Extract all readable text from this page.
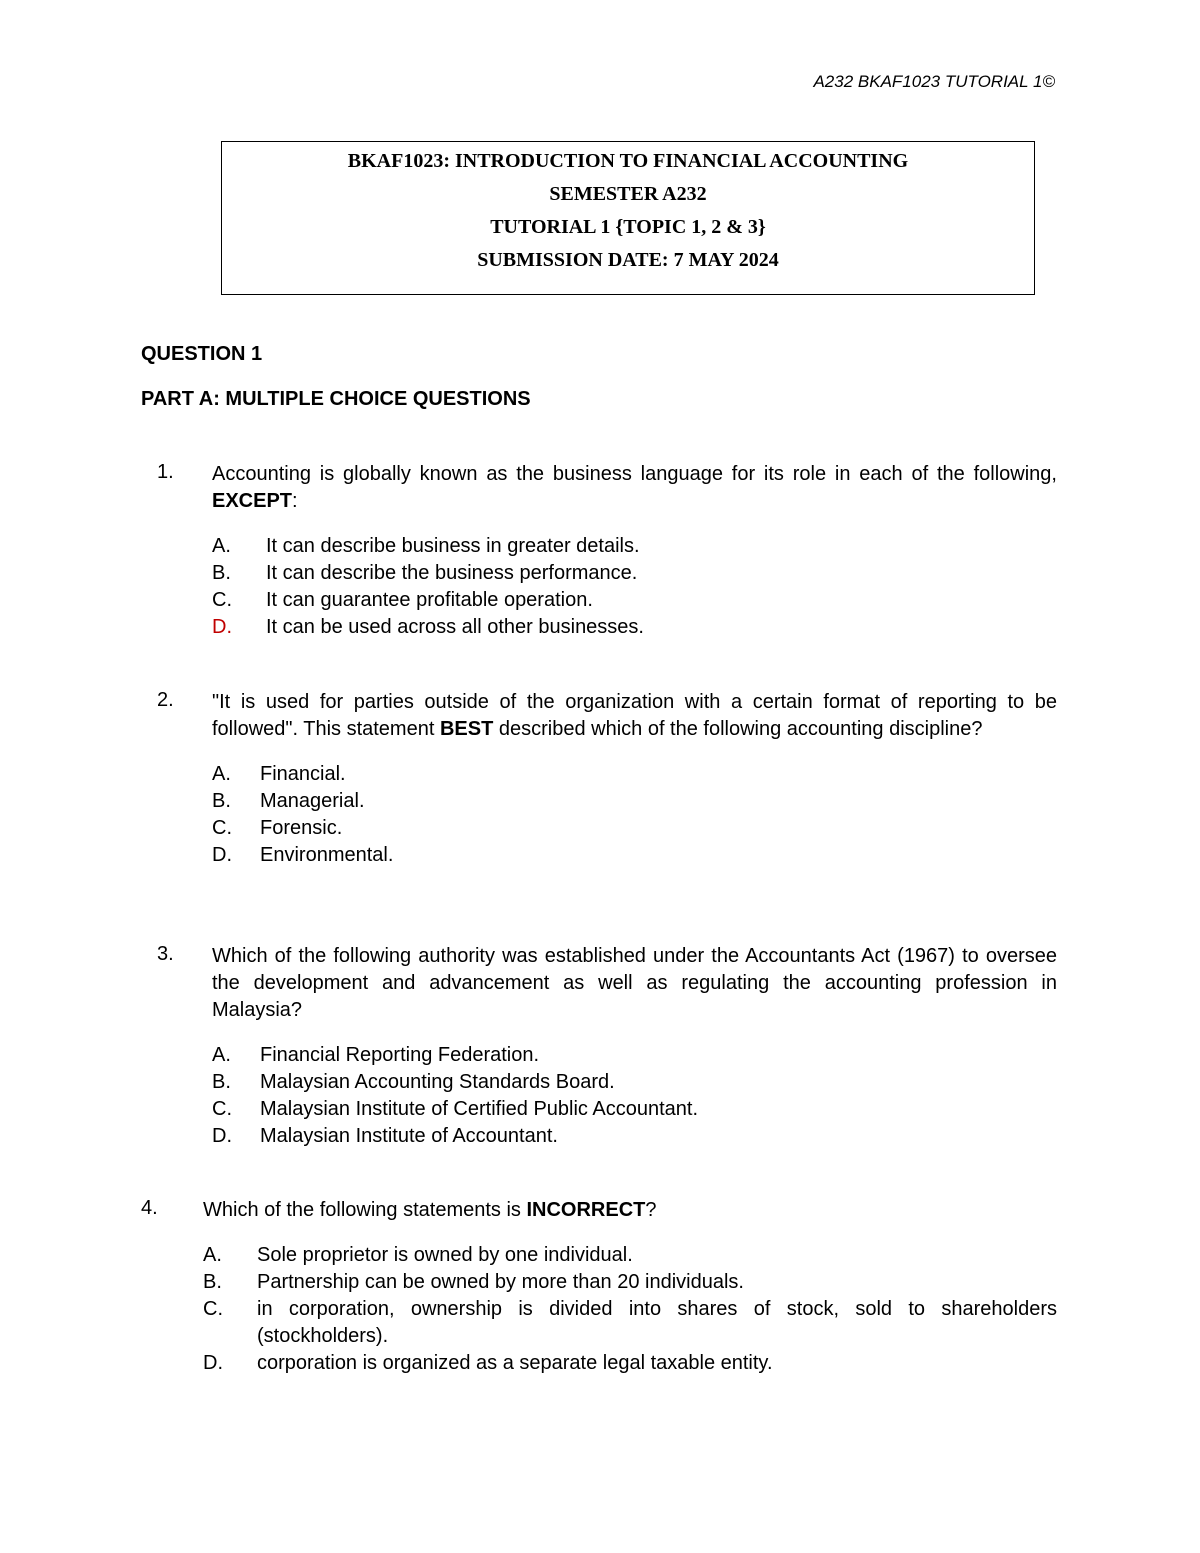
A232 BKAF1023 TUTORIAL 1©
BKAF1023: INTRODUCTION TO FINANCIAL ACCOUNTING
SEMESTER A232
TUTORIAL 1 {TOPIC 1, 2 & 3}
SUBMISSION DATE: 7 MAY 2024
QUESTION 1
PART A: MULTIPLE CHOICE QUESTIONS
1.	Accounting is globally known as the business language for its role in each of the following, EXCEPT:
A.	It can describe business in greater details.
B.	It can describe the business performance.
C.	It can guarantee profitable operation.
D.	It can be used across all other businesses.
2.	"It is used for parties outside of the organization with a certain format of reporting to be followed". This statement BEST described which of the following accounting discipline?
A.	Financial.
B.	Managerial.
C.	Forensic.
D.	Environmental.
3.	Which of the following authority was established under the Accountants Act (1967) to oversee the development and advancement as well as regulating the accounting profession in Malaysia?
A.	Financial Reporting Federation.
B.	Malaysian Accounting Standards Board.
C.	Malaysian Institute of Certified Public Accountant.
D.	Malaysian Institute of Accountant.
4.	Which of the following statements is INCORRECT?
A.	Sole proprietor is owned by one individual.
B.	Partnership can be owned by more than 20 individuals.
C.	in corporation, ownership is divided into shares of stock, sold to shareholders (stockholders).
D.	corporation is organized as a separate legal taxable entity.
